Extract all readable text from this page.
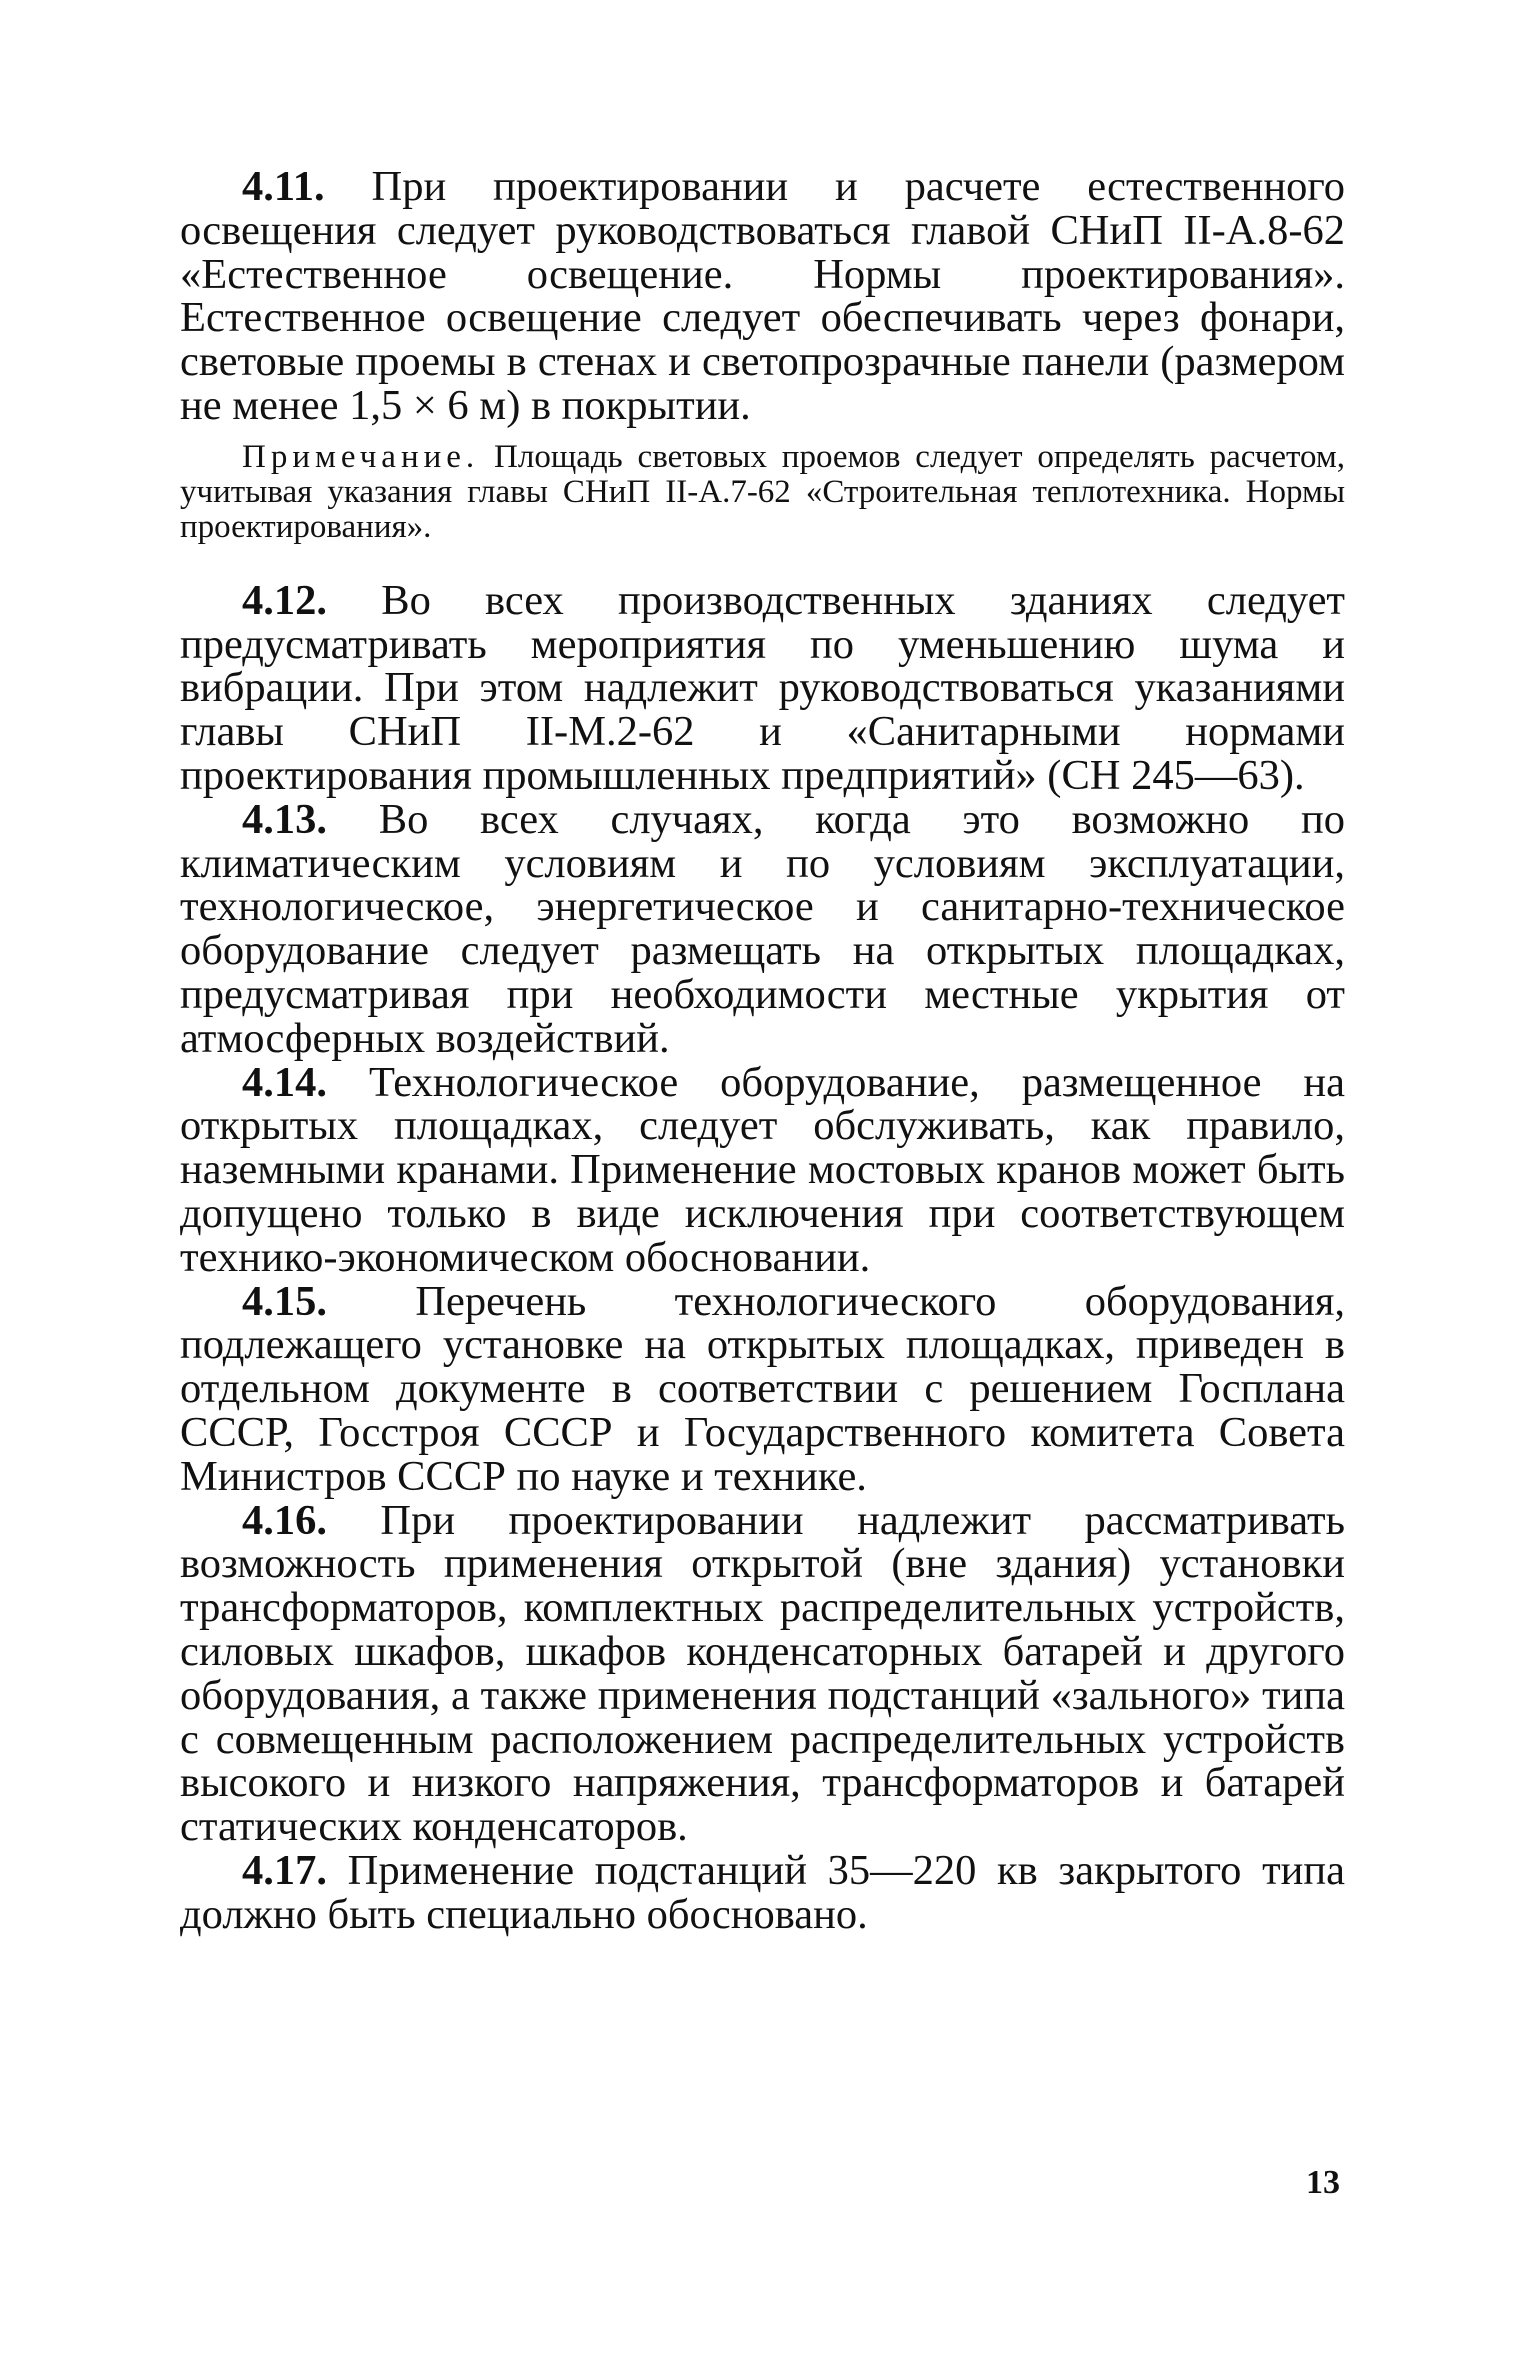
4.11. При проектировании и расчете естественного освещения следует руководствоваться главой СНиП II-А.8-62 «Естественное освещение. Нормы проектирования». Естественное освещение следует обеспечивать через фонари, световые проемы в стенах и светопрозрачные панели (размером не менее 1,5 × 6 м) в покрытии.

Примечание. Площадь световых проемов следует определять расчетом, учитывая указания главы СНиП II-А.7-62 «Строительная теплотехника. Нормы проектирования».

4.12. Во всех производственных зданиях следует предусматривать мероприятия по уменьшению шума и вибрации. При этом надлежит руководствоваться указаниями главы СНиП II-М.2-62 и «Санитарными нормами проектирования промышленных предприятий» (СН 245—63).

4.13. Во всех случаях, когда это возможно по климатическим условиям и по условиям эксплуатации, технологическое, энергетическое и санитарно-техническое оборудование следует размещать на открытых площадках, предусматривая при необходимости местные укрытия от атмосферных воздействий.

4.14. Технологическое оборудование, размещенное на открытых площадках, следует обслуживать, как правило, наземными кранами. Применение мостовых кранов может быть допущено только в виде исключения при соответствующем технико-экономическом обосновании.

4.15. Перечень технологического оборудования, подлежащего установке на открытых площадках, приведен в отдельном документе в соответствии с решением Госплана СССР, Госстроя СССР и Государственного комитета Совета Министров СССР по науке и технике.

4.16. При проектировании надлежит рассматривать возможность применения открытой (вне здания) установки трансформаторов, комплектных распределительных устройств, силовых шкафов, шкафов конденсаторных батарей и другого оборудования, а также применения подстанций «зального» типа с совмещенным расположением распределительных устройств высокого и низкого напряжения, трансформаторов и батарей статических конденсаторов.

4.17. Применение подстанций 35—220 кв закрытого типа должно быть специально обосновано.

13
